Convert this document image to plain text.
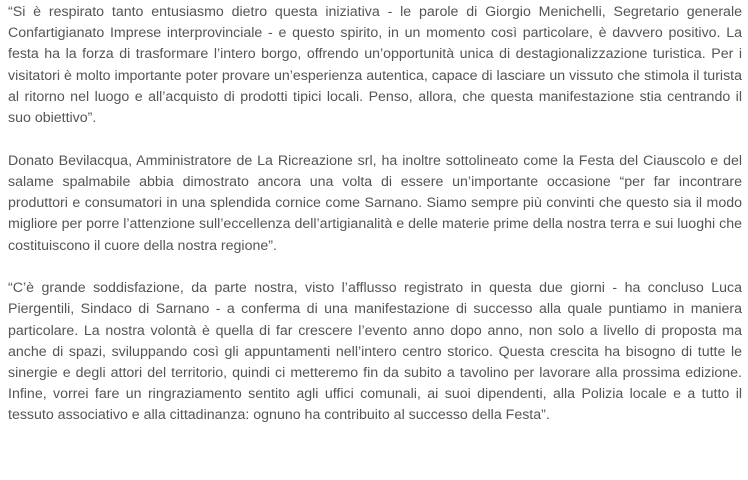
“Si è respirato tanto entusiasmo dietro questa iniziativa - le parole di Giorgio Menichelli, Segretario generale Confartigianato Imprese interprovinciale - e questo spirito, in un momento così particolare, è davvero positivo. La festa ha la forza di trasformare l’intero borgo, offrendo un’opportunità unica di destagionalizzazione turistica. Per i visitatori è molto importante poter provare un’esperienza autentica, capace di lasciare un vissuto che stimola il turista al ritorno nel luogo e all’acquisto di prodotti tipici locali. Penso, allora, che questa manifestazione stia centrando il suo obiettivo”.

Donato Bevilacqua, Amministratore de La Ricreazione srl, ha inoltre sottolineato come la Festa del Ciauscolo e del salame spalmabile abbia dimostrato ancora una volta di essere un’importante occasione “per far incontrare produttori e consumatori in una splendida cornice come Sarnano. Siamo sempre più convinti che questo sia il modo migliore per porre l’attenzione sull’eccellenza dell’artigianalità e delle materie prime della nostra terra e sui luoghi che costituiscono il cuore della nostra regione”.

“C’è grande soddisfazione, da parte nostra, visto l’afflusso registrato in questa due giorni - ha concluso Luca Piergentili, Sindaco di Sarnano - a conferma di una manifestazione di successo alla quale puntiamo in maniera particolare. La nostra volontà è quella di far crescere l’evento anno dopo anno, non solo a livello di proposta ma anche di spazi, sviluppando così gli appuntamenti nell’intero centro storico. Questa crescita ha bisogno di tutte le sinergie e degli attori del territorio, quindi ci metteremo fin da subito a tavolino per lavorare alla prossima edizione. Infine, vorrei fare un ringraziamento sentito agli uffici comunali, ai suoi dipendenti, alla Polizia locale e a tutto il tessuto associativo e alla cittadinanza: ognuno ha contribuito al successo della Festa”.
